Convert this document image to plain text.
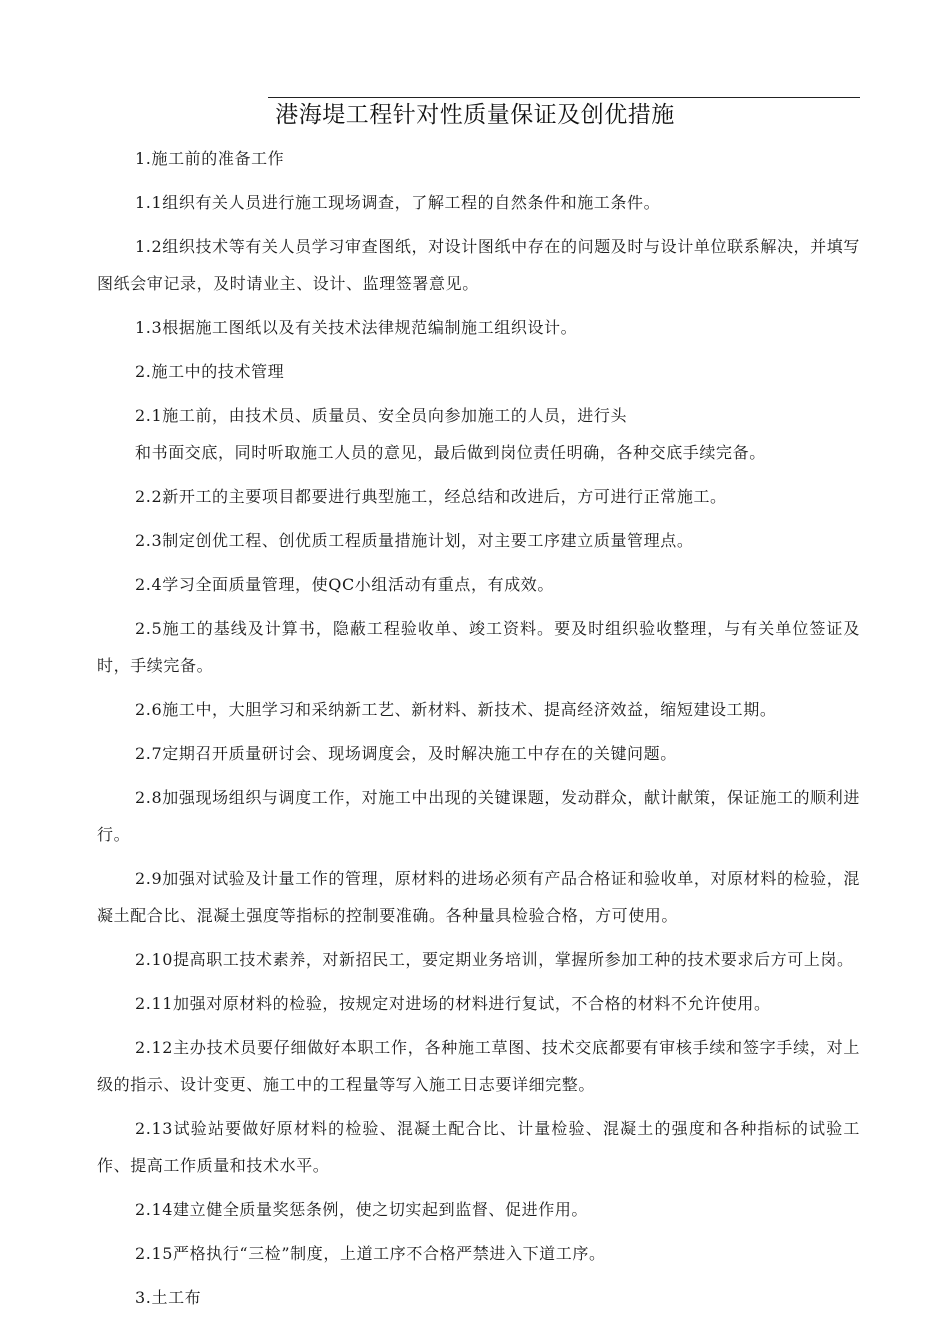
港海堤工程针对性质量保证及创优措施

1.施工前的准备工作

1.1组织有关人员进行施工现场调查，了解工程的自然条件和施工条件。

1.2组织技术等有关人员学习审查图纸，对设计图纸中存在的问题及时与设计单位联系解决，并填写图纸会审记录，及时请业主、设计、监理签署意见。

1.3根据施工图纸以及有关技术法律规范编制施工组织设计。

2.施工中的技术管理

2.1施工前，由技术员、质量员、安全员向参加施工的人员，进行头

和书面交底，同时听取施工人员的意见，最后做到岗位责任明确，各种交底手续完备。

2.2新开工的主要项目都要进行典型施工，经总结和改进后，方可进行正常施工。

2.3制定创优工程、创优质工程质量措施计划，对主要工序建立质量管理点。

2.4学习全面质量管理，使QC小组活动有重点，有成效。

2.5施工的基线及计算书，隐蔽工程验收单、竣工资料。要及时组织验收整理，与有关单位签证及时，手续完备。

2.6施工中，大胆学习和采纳新工艺、新材料、新技术、提高经济效益，缩短建设工期。

2.7定期召开质量研讨会、现场调度会，及时解决施工中存在的关键问题。

2.8加强现场组织与调度工作，对施工中出现的关键课题，发动群众，献计献策，保证施工的顺利进行。

2.9加强对试验及计量工作的管理，原材料的进场必须有产品合格证和验收单，对原材料的检验，混凝土配合比、混凝土强度等指标的控制要准确。各种量具检验合格，方可使用。

2.10提高职工技术素养，对新招民工，要定期业务培训，掌握所参加工种的技术要求后方可上岗。

2.11加强对原材料的检验，按规定对进场的材料进行复试，不合格的材料不允许使用。

2.12主办技术员要仔细做好本职工作，各种施工草图、技术交底都要有审核手续和签字手续，对上级的指示、设计变更、施工中的工程量等写入施工日志要详细完整。

2.13试验站要做好原材料的检验、混凝土配合比、计量检验、混凝土的强度和各种指标的试验工作、提高工作质量和技术水平。

2.14建立健全质量奖惩条例，使之切实起到监督、促进作用。

2.15严格执行“三检”制度，上道工序不合格严禁进入下道工序。

3.土工布
